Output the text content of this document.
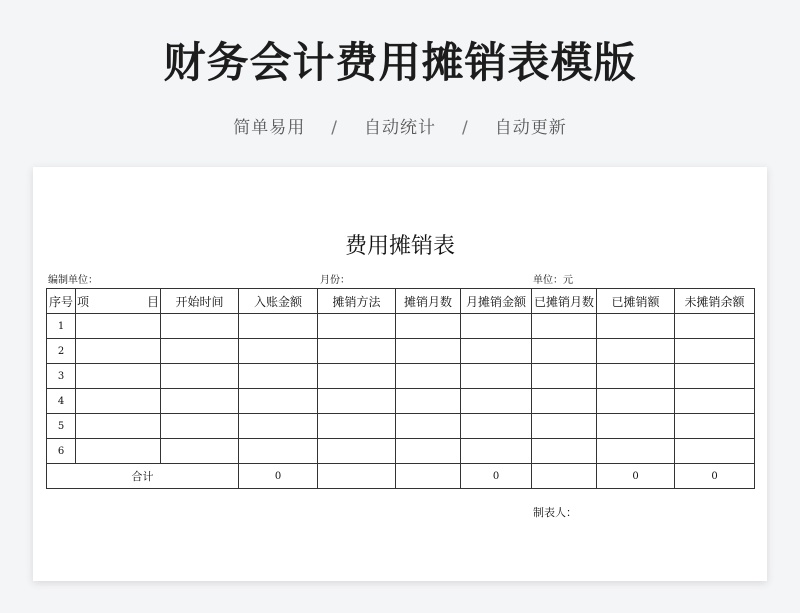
财务会计费用摊销表模版
简单易用 / 自动统计 / 自动更新
费用摊销表
编制单位：	月份：	单位：元
序号	项 目	开始时间	入账金额	摊销方法	摊销月数	月摊销金额	已摊销月数	已摊销额	未摊销余额
1									
2									
3									
4									
5									
6									
合计			0			0		0	0
制表人：
